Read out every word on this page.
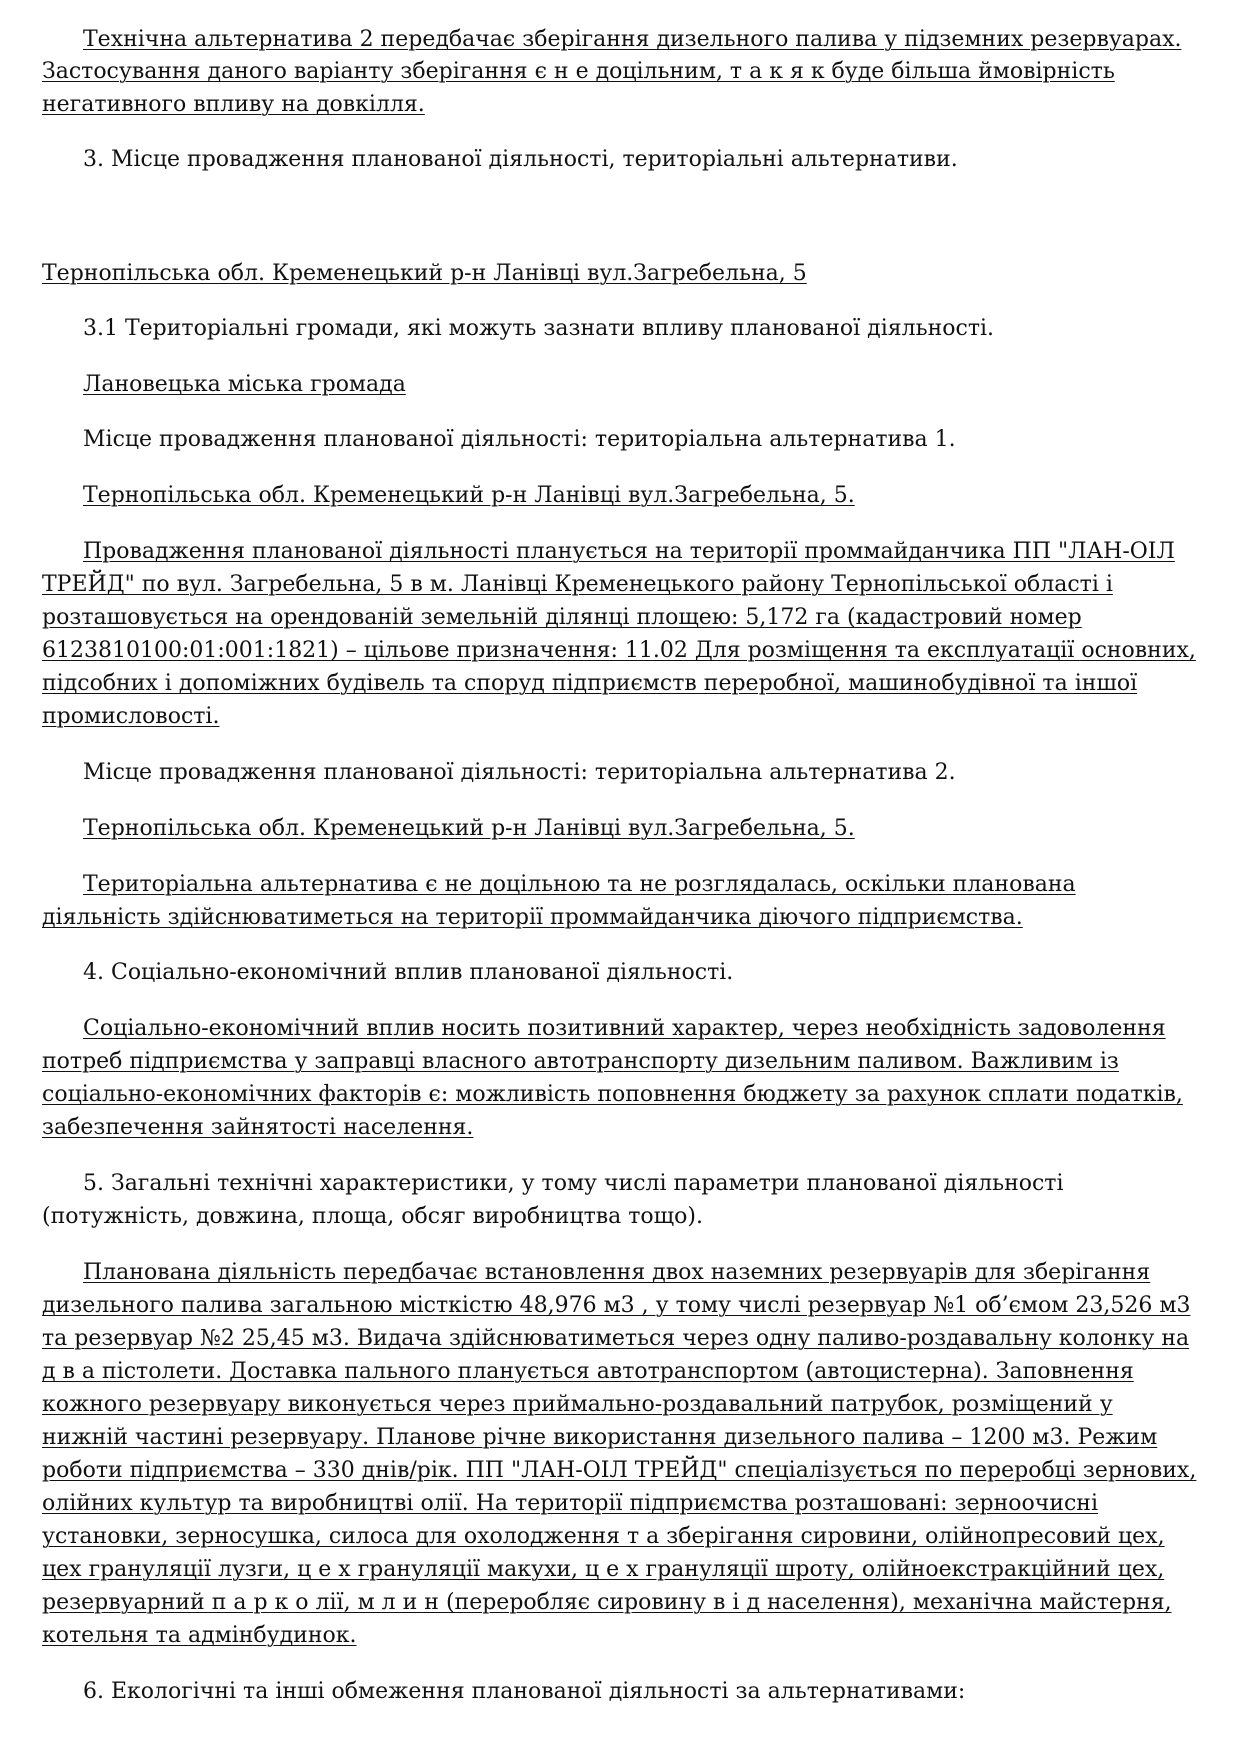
Технічна альтернатива 2 передбачає зберігання дизельного палива у підземних резервуарах.
Застосування даного варіанту зберігання є н е доцільним, т а к я к буде більша ймовірність
негативного впливу на довкілля.
3. Місце провадження планованої діяльності, територіальні альтернативи.
Тернопільська обл. Кременецький р-н Ланівці вул.Загребельна, 5
3.1 Територіальні громади, які можуть зазнати впливу планованої діяльності.
Лановецька міська громада
Місце провадження планованої діяльності: територіальна альтернатива 1.
Тернопільська обл. Кременецький р-н Ланівці вул.Загребельна, 5.
Провадження планованої діяльності планується на території проммайданчика ПП "ЛАН-ОІЛ
ТРЕЙД" по вул. Загребельна, 5 в м. Ланівці Кременецького району Тернопільської області і
розташовується на орендованій земельній ділянці площею: 5,172 га (кадастровий номер
6123810100:01:001:1821) – цільове призначення: 11.02 Для розміщення та експлуатації основних,
підсобних і допоміжних будівель та споруд підприємств переробної, машинобудівної та іншої
промисловості.
Місце провадження планованої діяльності: територіальна альтернатива 2.
Тернопільська обл. Кременецький р-н Ланівці вул.Загребельна, 5.
Територіальна альтернатива є не доцільною та не розглядалась, оскільки планована
діяльність здійснюватиметься на території проммайданчика діючого підприємства.
4. Соціально-економічний вплив планованої діяльності.
Соціально-економічний вплив носить позитивний характер, через необхідність задоволення
потреб підприємства у заправці власного автотранспорту дизельним паливом. Важливим із
соціально-економічних факторів є: можливість поповнення бюджету за рахунок сплати податків,
забезпечення зайнятості населення.
5. Загальні технічні характеристики, у тому числі параметри планованої діяльності
(потужність, довжина, площа, обсяг виробництва тощо).
Планована діяльність передбачає встановлення двох наземних резервуарів для зберігання
дизельного палива загальною місткістю 48,976 м3 , у тому числі резервуар №1 об’ємом 23,526 м3
та резервуар №2 25,45 м3. Видача здійснюватиметься через одну паливо-роздавальну колонку на
д в а пістолети. Доставка пального планується автотранспортом (автоцистерна). Заповнення
кожного резервуару виконується через приймально-роздавальний патрубок, розміщений у
нижній частині резервуару. Планове річне використання дизельного палива – 1200 м3. Режим
роботи підприємства – 330 днів/рік. ПП "ЛАН-ОІЛ ТРЕЙД" спеціалізується по переробці зернових,
олійних культур та виробництві олії. На території підприємства розташовані: зерноочисні
установки, зерносушка, силоса для охолодження т а зберігання сировини, олійнопресовий цех,
цех грануляції лузги, ц е х грануляції макухи, ц е х грануляції шроту, олійноекстракційний цех,
резервуарний п а р к о лії, м л и н (переробляє сировину в і д населення), механічна майстерня,
котельня та адмінбудинок.
6. Екологічні та інші обмеження планованої діяльності за альтернативами:
